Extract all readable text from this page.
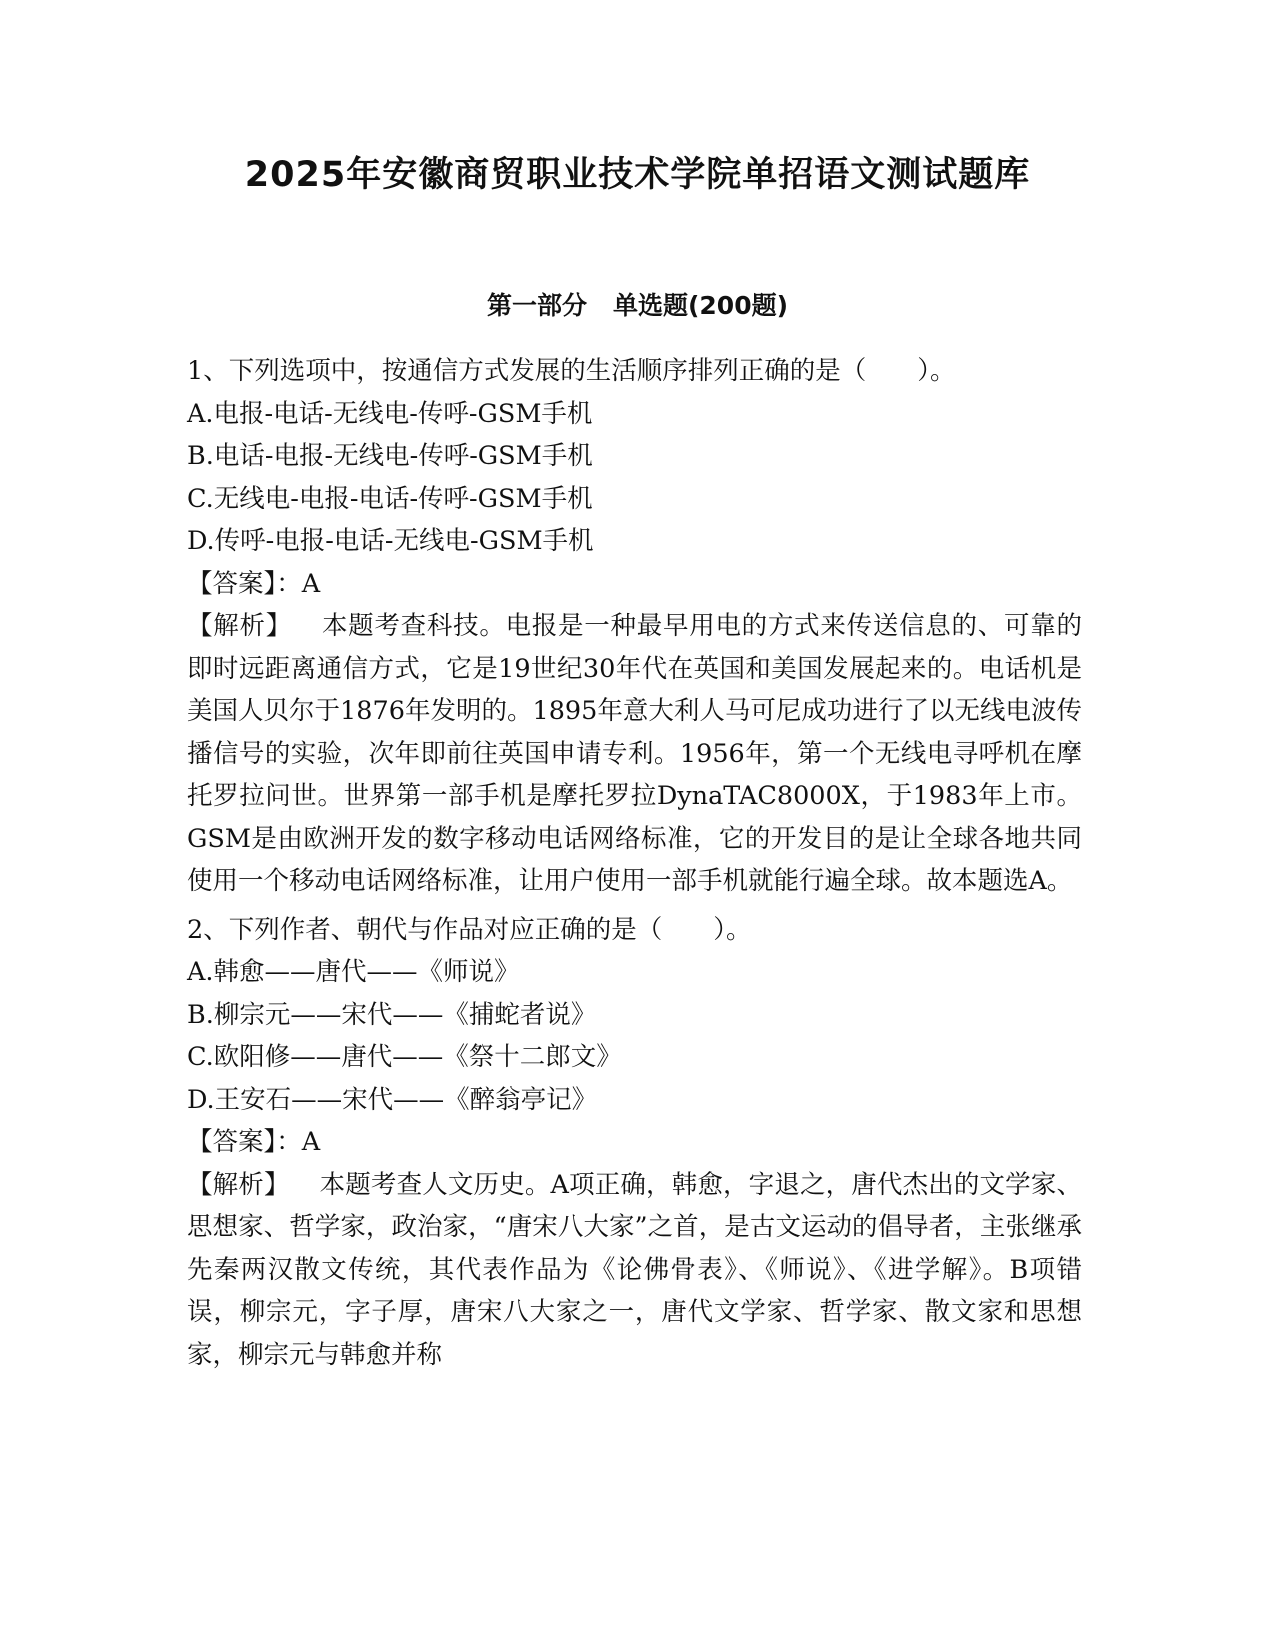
2025年安徽商贸职业技术学院单招语文测试题库
第一部分 单选题(200题)
1、下列选项中，按通信方式发展的生活顺序排列正确的是（　　）。
A.电报-电话-无线电-传呼-GSM手机
B.电话-电报-无线电-传呼-GSM手机
C.无线电-电报-电话-传呼-GSM手机
D.传呼-电报-电话-无线电-GSM手机
【答案】：A
【解析】 本题考查科技。电报是一种最早用电的方式来传送信息的、可靠的即时远距离通信方式，它是19世纪30年代在英国和美国发展起来的。电话机是美国人贝尔于1876年发明的。1895年意大利人马可尼成功进行了以无线电波传播信号的实验，次年即前往英国申请专利。1956年，第一个无线电寻呼机在摩托罗拉问世。世界第一部手机是摩托罗拉DynaTAC8000X，于1983年上市。GSM是由欧洲开发的数字移动电话网络标准，它的开发目的是让全球各地共同使用一个移动电话网络标准，让用户使用一部手机就能行遍全球。故本题选A。
2、下列作者、朝代与作品对应正确的是（　　）。
A.韩愈——唐代——《师说》
B.柳宗元——宋代——《捕蛇者说》
C.欧阳修——唐代——《祭十二郎文》
D.王安石——宋代——《醉翁亭记》
【答案】：A
【解析】 本题考查人文历史。A项正确，韩愈，字退之，唐代杰出的文学家、思想家、哲学家，政治家，“唐宋八大家”之首，是古文运动的倡导者，主张继承先秦两汉散文传统，其代表作品为《论佛骨表》、《师说》、《进学解》。B项错误，柳宗元，字子厚，唐宋八大家之一，唐代文学家、哲学家、散文家和思想家，柳宗元与韩愈并称
